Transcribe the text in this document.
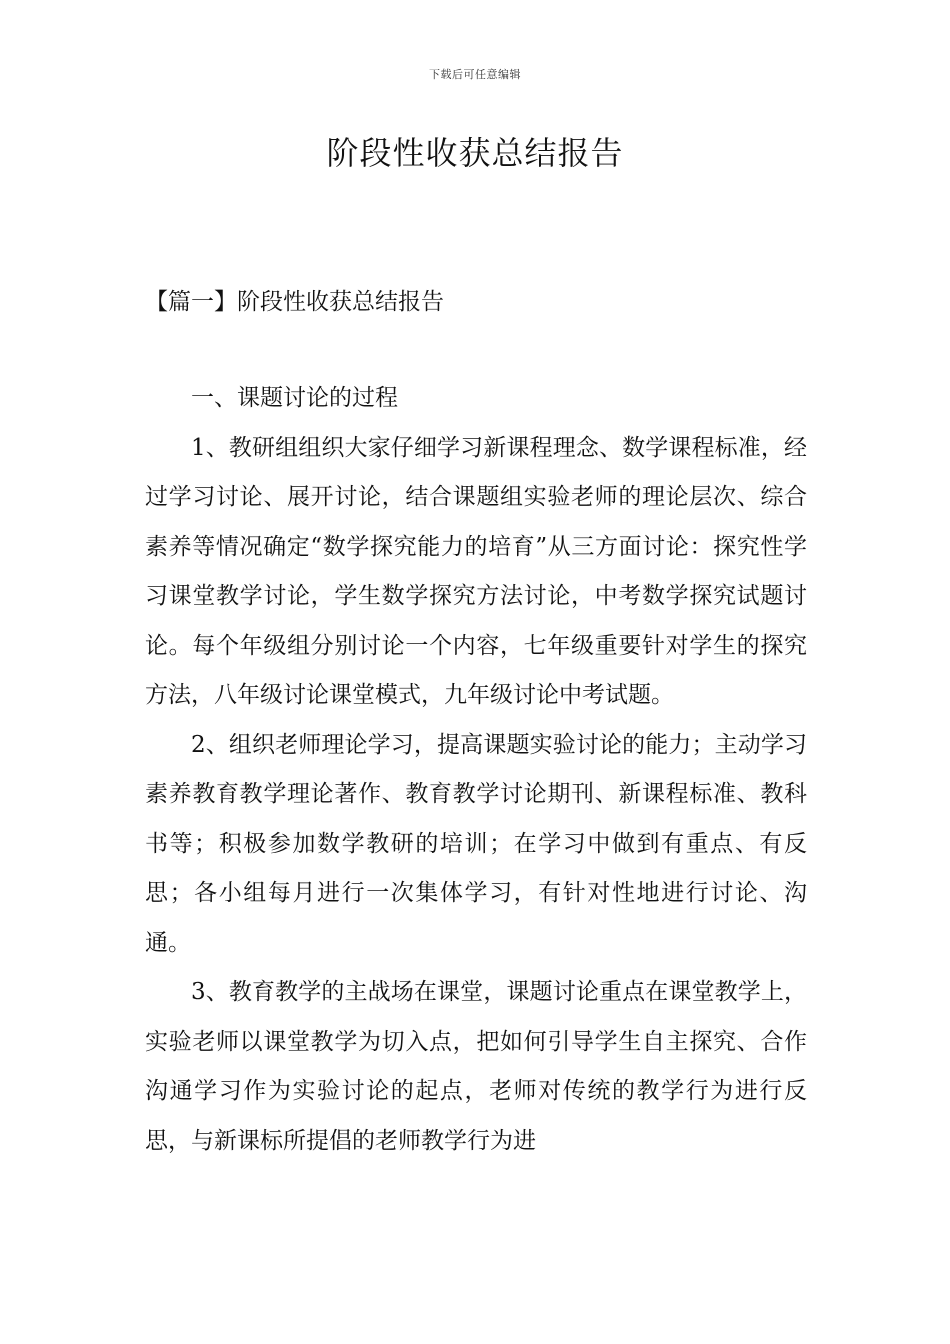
下载后可任意编辑
阶段性收获总结报告
【篇一】阶段性收获总结报告

一、课题讨论的过程

1、教研组组织大家仔细学习新课程理念、数学课程标准，经过学习讨论、展开讨论，结合课题组实验老师的理论层次、综合素养等情况确定“数学探究能力的培育”从三方面讨论：探究性学习课堂教学讨论，学生数学探究方法讨论，中考数学探究试题讨论。每个年级组分别讨论一个内容，七年级重要针对学生的探究方法，八年级讨论课堂模式，九年级讨论中考试题。

2、组织老师理论学习，提高课题实验讨论的能力；主动学习素养教育教学理论著作、教育教学讨论期刊、新课程标准、教科书等；积极参加数学教研的培训；在学习中做到有重点、有反思；各小组每月进行一次集体学习，有针对性地进行讨论、沟通。

3、教育教学的主战场在课堂，课题讨论重点在课堂教学上，实验老师以课堂教学为切入点，把如何引导学生自主探究、合作沟通学习作为实验讨论的起点，老师对传统的教学行为进行反思，与新课标所提倡的老师教学行为进
